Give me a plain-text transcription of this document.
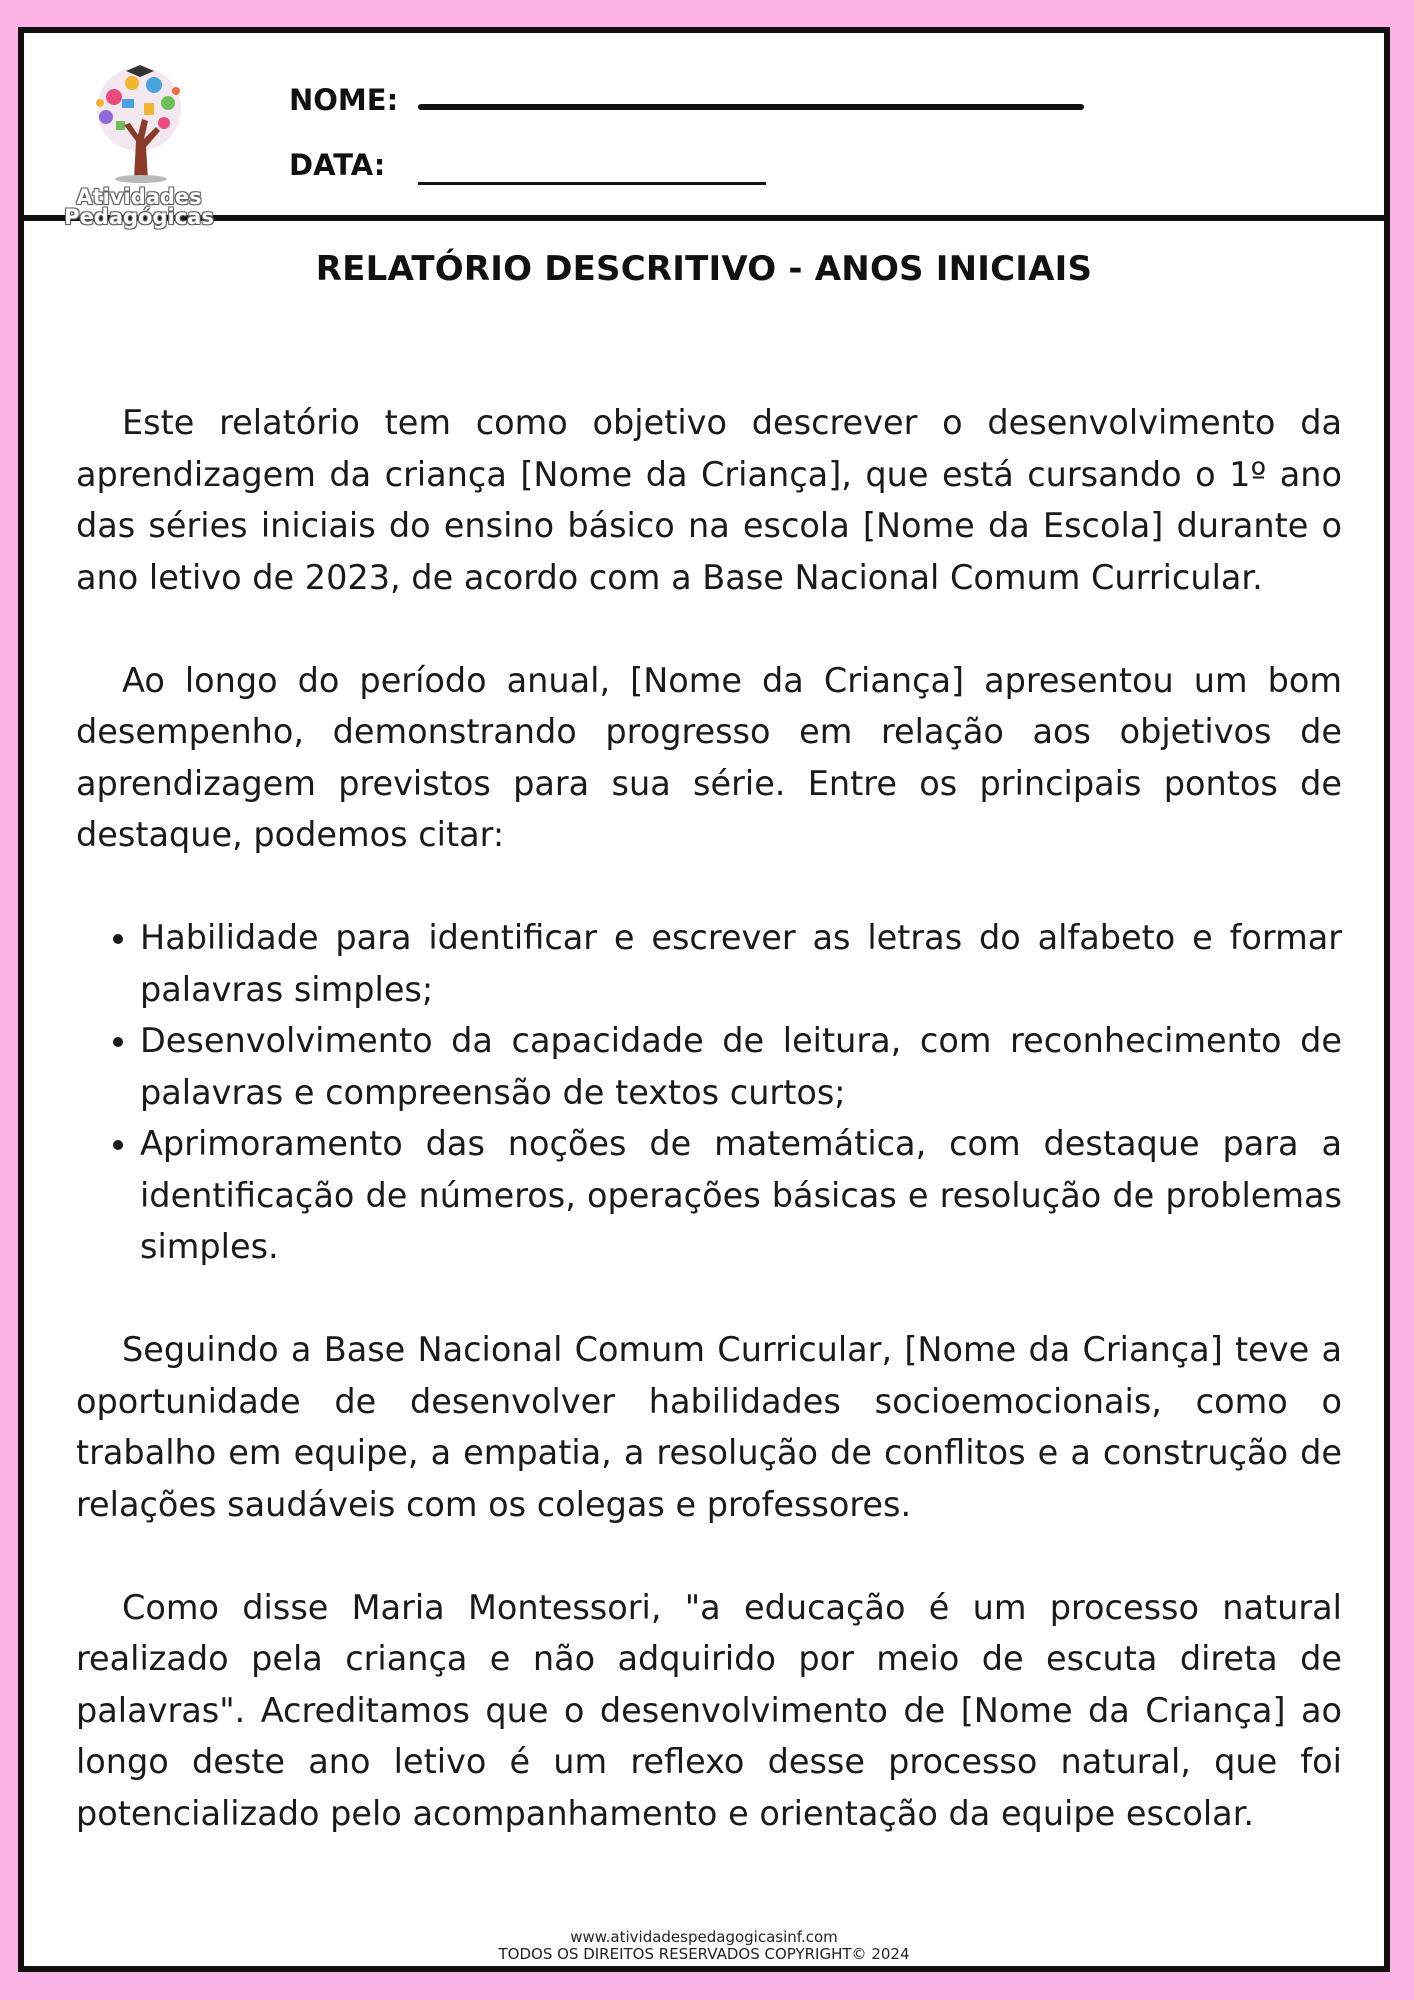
Atividades
Pedagógicas
NOME:
DATA:
RELATÓRIO DESCRITIVO - ANOS INICIAIS

Este relatório tem como objetivo descrever o desenvolvimento da aprendizagem da criança [Nome da Criança], que está cursando o 1º ano das séries iniciais do ensino básico na escola [Nome da Escola] durante o ano letivo de 2023, de acordo com a Base Nacional Comum Curricular.

Ao longo do período anual, [Nome da Criança] apresentou um bom desempenho, demonstrando progresso em relação aos objetivos de aprendizagem previstos para sua série. Entre os principais pontos de destaque, podemos citar:

• Habilidade para identificar e escrever as letras do alfabeto e formar palavras simples;
• Desenvolvimento da capacidade de leitura, com reconhecimento de palavras e compreensão de textos curtos;
• Aprimoramento das noções de matemática, com destaque para a identificação de números, operações básicas e resolução de problemas simples.

Seguindo a Base Nacional Comum Curricular, [Nome da Criança] teve a oportunidade de desenvolver habilidades socioemocionais, como o trabalho em equipe, a empatia, a resolução de conflitos e a construção de relações saudáveis com os colegas e professores.

Como disse Maria Montessori, "a educação é um processo natural realizado pela criança e não adquirido por meio de escuta direta de palavras". Acreditamos que o desenvolvimento de [Nome da Criança] ao longo deste ano letivo é um reflexo desse processo natural, que foi potencializado pelo acompanhamento e orientação da equipe escolar.

www.atividadespedagogicasinf.com
TODOS OS DIREITOS RESERVADOS COPYRIGHT© 2024
